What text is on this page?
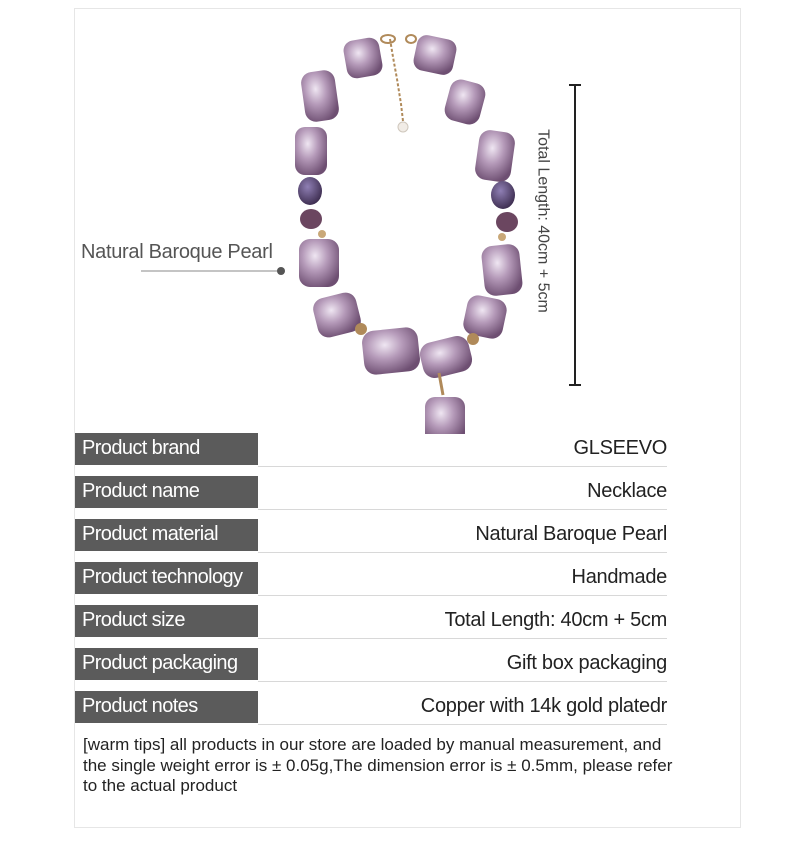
Natural Baroque Pearl	Total Length: 40cm + 5cm
Product brand	GLSEEVO
Product name	Necklace
Product material	Natural Baroque Pearl
Product technology	Handmade
Product size	Total Length: 40cm + 5cm
Product packaging	Gift box packaging
Product notes	Copper with 14k gold platedr
[warm tips] all products in our store are loaded by manual measurement, and the single weight error is ± 0.05g,The dimension error is ± 0.5mm, please refer to the actual product
